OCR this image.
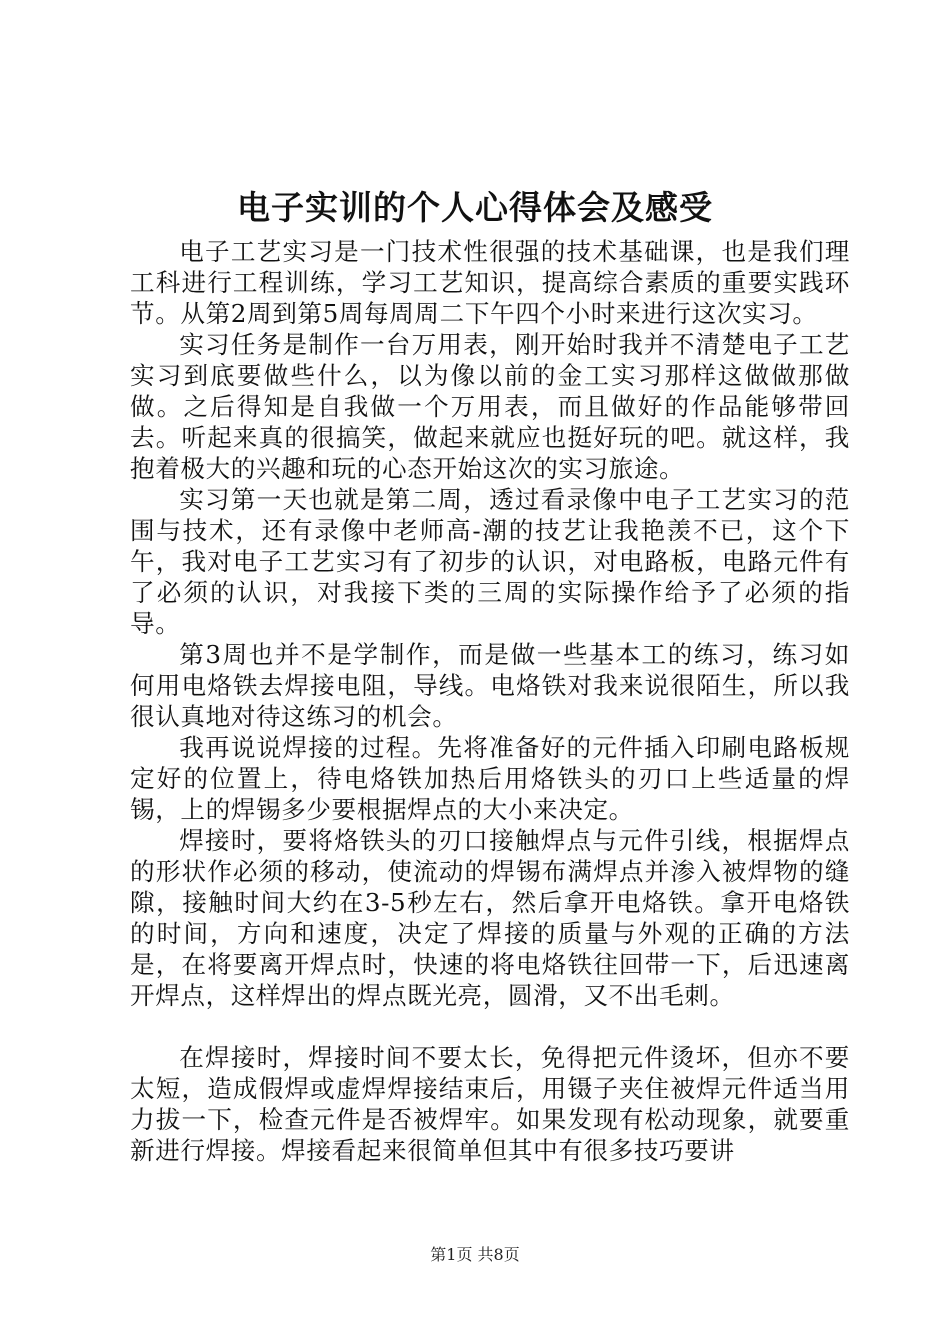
电子实训的个人心得体会及感受

电子工艺实习是一门技术性很强的技术基础课，也是我们理工科进行工程训练，学习工艺知识，提高综合素质的重要实践环节。从第2周到第5周每周周二下午四个小时来进行这次实习。

实习任务是制作一台万用表，刚开始时我并不清楚电子工艺实习到底要做些什么，以为像以前的金工实习那样这做做那做做。之后得知是自我做一个万用表，而且做好的作品能够带回去。听起来真的很搞笑，做起来就应也挺好玩的吧。就这样，我抱着极大的兴趣和玩的心态开始这次的实习旅途。

实习第一天也就是第二周，透过看录像中电子工艺实习的范围与技术，还有录像中老师高-潮的技艺让我艳羡不已，这个下午，我对电子工艺实习有了初步的认识，对电路板，电路元件有了必须的认识，对我接下类的三周的实际操作给予了必须的指导。

第3周也并不是学制作，而是做一些基本工的练习，练习如何用电烙铁去焊接电阻，导线。电烙铁对我来说很陌生，所以我很认真地对待这练习的机会。

我再说说焊接的过程。先将准备好的元件插入印刷电路板规定好的位置上，待电烙铁加热后用烙铁头的刃口上些适量的焊锡，上的焊锡多少要根据焊点的大小来决定。

焊接时，要将烙铁头的刃口接触焊点与元件引线，根据焊点的形状作必须的移动，使流动的焊锡布满焊点并渗入被焊物的缝隙，接触时间大约在3-5秒左右，然后拿开电烙铁。拿开电烙铁的时间，方向和速度，决定了焊接的质量与外观的正确的方法是，在将要离开焊点时，快速的将电烙铁往回带一下，后迅速离开焊点，这样焊出的焊点既光亮，圆滑，又不出毛刺。

在焊接时，焊接时间不要太长，免得把元件烫坏，但亦不要太短，造成假焊或虚焊焊接结束后，用镊子夹住被焊元件适当用力拔一下，检查元件是否被焊牢。如果发现有松动现象，就要重新进行焊接。焊接看起来很简单但其中有很多技巧要讲

第1页 共8页
